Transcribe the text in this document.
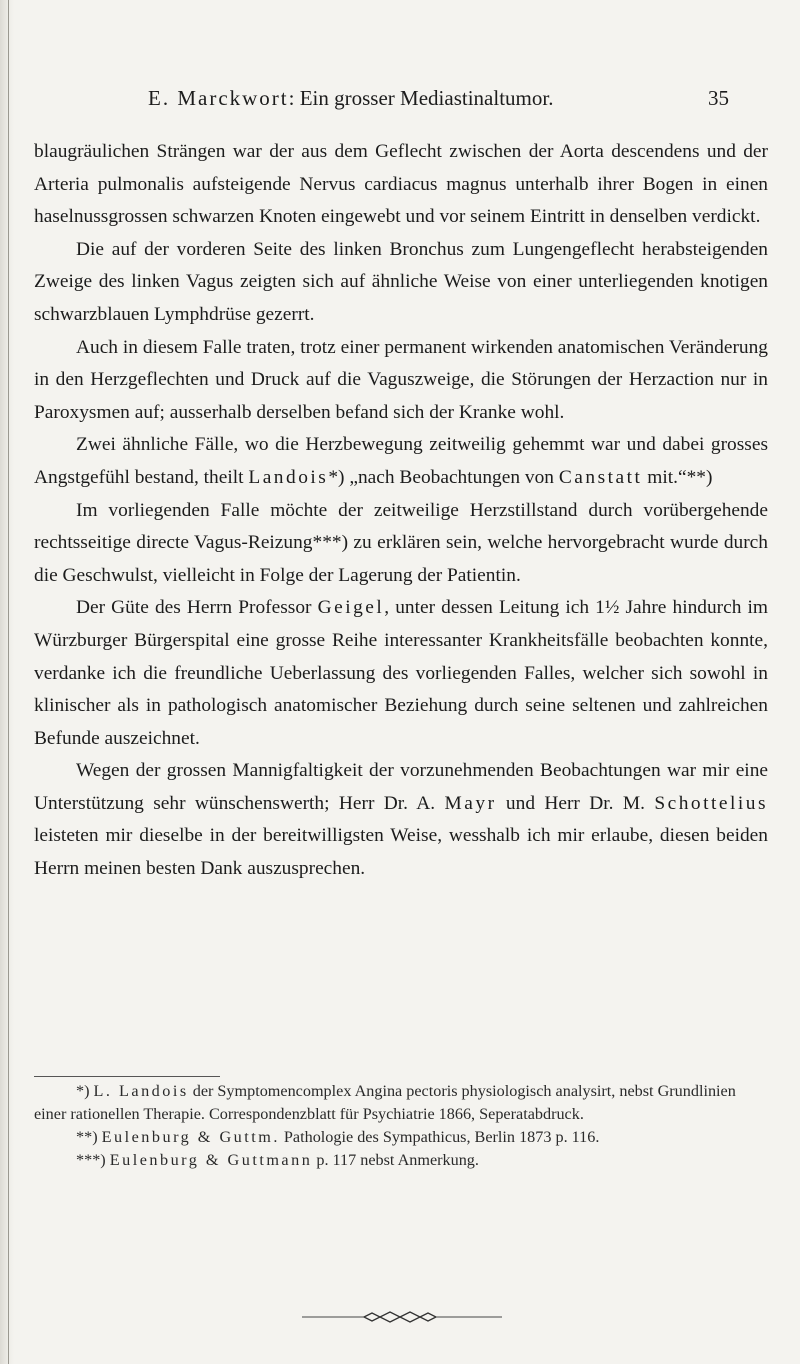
E. Marckwort: Ein grosser Mediastinaltumor.	35

blaugräulichen Strängen war der aus dem Geflecht zwischen der Aorta descendens und der Arteria pulmonalis aufsteigende Nervus cardiacus magnus unterhalb ihrer Bogen in einen haselnussgrossen schwarzen Knoten eingewebt und vor seinem Eintritt in denselben verdickt.

Die auf der vorderen Seite des linken Bronchus zum Lungengeflecht herabsteigenden Zweige des linken Vagus zeigten sich auf ähnliche Weise von einer unterliegenden knotigen schwarzblauen Lymphdrüse gezerrt.

Auch in diesem Falle traten, trotz einer permanent wirkenden anatomischen Veränderung in den Herzgeflechten und Druck auf die Vaguszweige, die Störungen der Herzaction nur in Paroxysmen auf; ausserhalb derselben befand sich der Kranke wohl.

Zwei ähnliche Fälle, wo die Herzbewegung zeitweilig gehemmt war und dabei grosses Angstgefühl bestand, theilt Landois*) „nach Beobachtungen von Canstatt mit.“**)

Im vorliegenden Falle möchte der zeitweilige Herzstillstand durch vorübergehende rechtsseitige directe Vagus-Reizung***) zu erklären sein, welche hervorgebracht wurde durch die Geschwulst, vielleicht in Folge der Lagerung der Patientin.

Der Güte des Herrn Professor Geigel, unter dessen Leitung ich 1½ Jahre hindurch im Würzburger Bürgerspital eine grosse Reihe interessanter Krankheitsfälle beobachten konnte, verdanke ich die freundliche Ueberlassung des vorliegenden Falles, welcher sich sowohl in klinischer als in pathologisch anatomischer Beziehung durch seine seltenen und zahlreichen Befunde auszeichnet.

Wegen der grossen Mannigfaltigkeit der vorzunehmenden Beobachtungen war mir eine Unterstützung sehr wünschenswerth; Herr Dr. A. Mayr und Herr Dr. M. Schottelius leisteten mir dieselbe in der bereitwilligsten Weise, wesshalb ich mir erlaube, diesen beiden Herrn meinen besten Dank auszusprechen.

*) L. Landois der Symptomencomplex Angina pectoris physiologisch analysirt, nebst Grundlinien einer rationellen Therapie. Correspondenzblatt für Psychiatrie 1866, Seperatabdruck.

**) Eulenburg & Guttm. Pathologie des Sympathicus, Berlin 1873 p. 116.

***) Eulenburg & Guttmann p. 117 nebst Anmerkung.
